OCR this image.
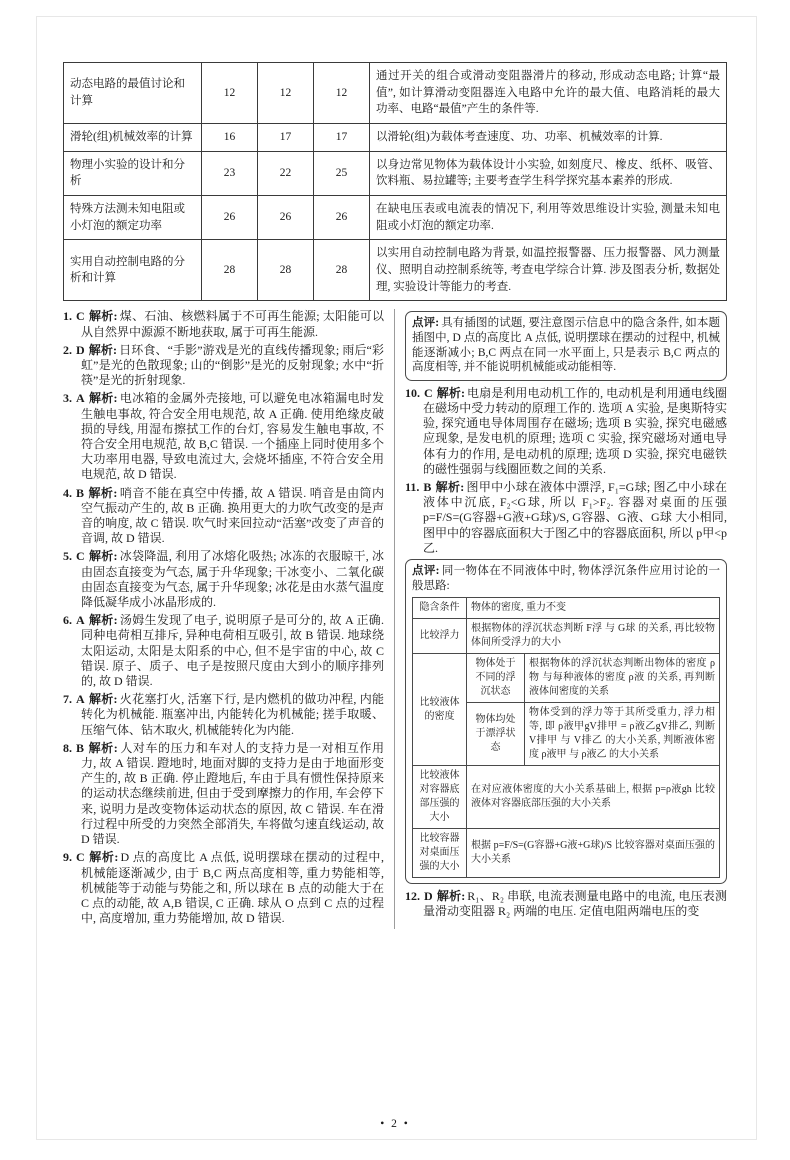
动态电路的最值讨论和计算	12	12	12	通过开关的组合或滑动变阻器滑片的移动, 形成动态电路; 计算“最值”, 如计算滑动变阻器连入电路中允许的最大值、电路消耗的最大功率、电路“最值”产生的条件等.
滑轮(组)机械效率的计算	16	17	17	以滑轮(组)为载体考查速度、功、功率、机械效率的计算.
物理小实验的设计和分析	23	22	25	以身边常见物体为载体设计小实验, 如刻度尺、橡皮、纸杯、吸管、饮料瓶、易拉罐等; 主要考查学生科学探究基本素养的形成.
特殊方法测未知电阻或小灯泡的额定功率	26	26	26	在缺电压表或电流表的情况下, 利用等效思维设计实验, 测量未知电阻或小灯泡的额定功率.
实用自动控制电路的分析和计算	28	28	28	以实用自动控制电路为背景, 如温控报警器、压力报警器、风力测量仪、照明自动控制系统等, 考查电学综合计算. 涉及图表分析, 数据处理, 实验设计等能力的考查.

1. C 解析: 煤、石油、核燃料属于不可再生能源; 太阳能可以从自然界中源源不断地获取, 属于可再生能源.

2. D 解析: 日环食、“手影”游戏是光的直线传播现象; 雨后“彩虹”是光的色散现象; 山的“倒影”是光的反射现象; 水中“折筷”是光的折射现象.

3. A 解析: 电冰箱的金属外壳接地, 可以避免电冰箱漏电时发生触电事故, 符合安全用电规范, 故 A 正确. 使用绝缘皮破损的导线, 用湿布擦拭工作的台灯, 容易发生触电事故, 不符合安全用电规范, 故 B,C 错误. 一个插座上同时使用多个大功率用电器, 导致电流过大, 会烧坏插座, 不符合安全用电规范, 故 D 错误.

4. B 解析: 哨音不能在真空中传播, 故 A 错误. 哨音是由筒内空气振动产生的, 故 B 正确. 换用更大的力吹气改变的是声音的响度, 故 C 错误. 吹气时来回拉动“活塞”改变了声音的音调, 故 D 错误.

5. C 解析: 冰袋降温, 利用了冰熔化吸热; 冰冻的衣服晾干, 冰由固态直接变为气态, 属于升华现象; 干冰变小、二氧化碳由固态直接变为气态, 属于升华现象; 冰花是由水蒸气温度降低凝华成小冰晶形成的.

6. A 解析: 汤姆生发现了电子, 说明原子是可分的, 故 A 正确. 同种电荷相互排斥, 异种电荷相互吸引, 故 B 错误. 地球绕太阳运动, 太阳是太阳系的中心, 但不是宇宙的中心, 故 C 错误. 原子、质子、电子是按照尺度由大到小的顺序排列的, 故 D 错误.

7. A 解析: 火花塞打火, 活塞下行, 是内燃机的做功冲程, 内能转化为机械能. 瓶塞冲出, 内能转化为机械能; 搓手取暖、压缩气体、钻木取火, 机械能转化为内能.

8. B 解析: 人对车的压力和车对人的支持力是一对相互作用力, 故 A 错误. 蹬地时, 地面对脚的支持力是由于地面形变产生的, 故 B 正确. 停止蹬地后, 车由于具有惯性保持原来的运动状态继续前进, 但由于受到摩擦力的作用, 车会停下来, 说明力是改变物体运动状态的原因, 故 C 错误. 车在滑行过程中所受的力突然全部消失, 车将做匀速直线运动, 故 D 错误.

9. C 解析: D 点的高度比 A 点低, 说明摆球在摆动的过程中, 机械能逐渐减少, 由于 B,C 两点高度相等, 重力势能相等, 机械能等于动能与势能之和, 所以球在 B 点的动能大于在 C 点的动能, 故 A,B 错误, C 正确. 球从 O 点到 C 点的过程中, 高度增加, 重力势能增加, 故 D 错误.

点评: 具有插图的试题, 要注意图示信息中的隐含条件, 如本题插图中, D 点的高度比 A 点低, 说明摆球在摆动的过程中, 机械能逐渐减小; B,C 两点在同一水平面上, 只是表示 B,C 两点的高度相等, 并不能说明机械能或动能相等.

10. C 解析: 电扇是利用电动机工作的, 电动机是利用通电线圈在磁场中受力转动的原理工作的. 选项 A 实验, 是奥斯特实验, 探究通电导体周围存在磁场; 选项 B 实验, 探究电磁感应现象, 是发电机的原理; 选项 C 实验, 探究磁场对通电导体有力的作用, 是电动机的原理; 选项 D 实验, 探究电磁铁的磁性强弱与线圈匝数之间的关系.

11. B 解析: 图甲中小球在液体中漂浮, F₁=G球; 图乙中小球在液体中沉底, F₂<G球, 所以 F₁>F₂. 容器对桌面的压强 p=F/S=(G容器+G液+G球)/S, G容器、G液、G球 大小相同, 图甲中的容器底面积大于图乙中的容器底面积, 所以 p甲<p乙.

点评: 同一物体在不同液体中时, 物体浮沉条件应用讨论的一般思路:

隐含条件	物体的密度, 重力不变	
比较浮力	根据物体的浮沉状态判断 F浮 与 G球 的关系, 再比较物体间所受浮力的大小	
比较液体的密度	物体处于不同的浮沉状态	根据物体的浮沉状态判断出物体的密度 ρ物 与每种液体的密度 ρ液 的关系, 再判断液体间密度的关系
	物体均处于漂浮状态	物体受到的浮力等于其所受重力, 浮力相等, 即 ρ液甲gV排甲 = ρ液乙gV排乙, 判断 V排甲 与 V排乙 的大小关系, 判断液体密度 ρ液甲 与 ρ液乙 的大小关系
比较液体对容器底部压强的大小	在对应液体密度的大小关系基础上, 根据 p=ρ液gh 比较液体对容器底部压强的大小关系	
比较容器对桌面压强的大小	根据 p=F/S=(G容器+G液+G球)/S 比较容器对桌面压强的大小关系	

12. D 解析: R₁、R₂ 串联, 电流表测量电路中的电流, 电压表测量滑动变阻器 R₂ 两端的电压. 定值电阻两端电压的变

• 2 •
